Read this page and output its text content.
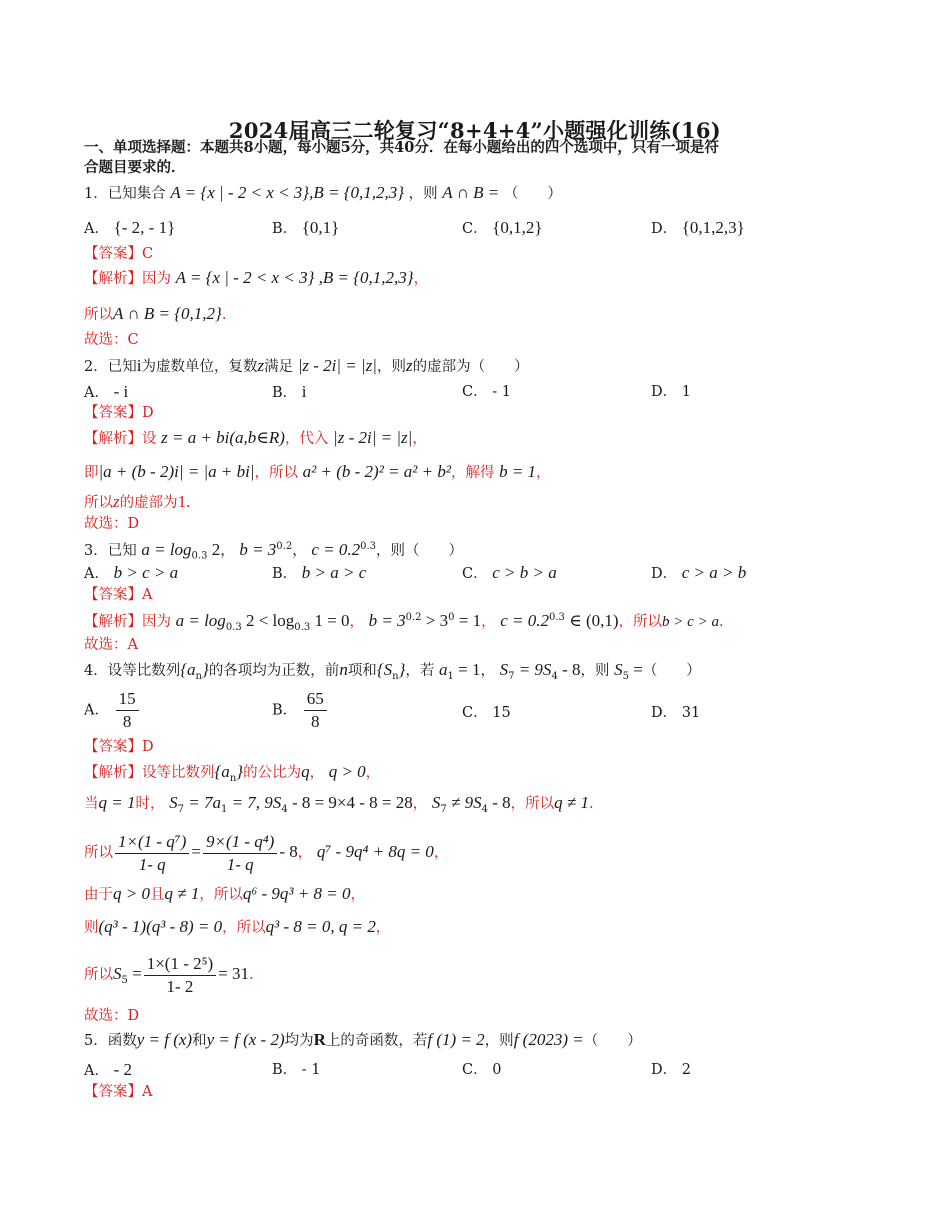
2024届高三二轮复习“8+4+4”小题强化训练(16)
一、单项选择题：本题共8小题，每小题5分，共40分．在每小题给出的四个选项中，只有一项是符
合题目要求的．
1．已知集合 A = {x | - 2 < x < 3},B = {0,1,2,3} ，则 A ∩ B = （　　）
A． {- 2, - 1}	B． {0,1}	C． {0,1,2}	D． {0,1,2,3}
【答案】C
【解析】因为 A = {x | - 2 < x < 3} ,B = {0,1,2,3}，
所以A ∩ B = {0,1,2}.
故选：C
2．已知i为虚数单位，复数z满足 |z - 2i| = |z|，则z的虚部为（　　）
A． - i	B． i	C． - 1	D． 1
【答案】D
【解析】设 z = a + bi(a,b∈R)，代入 |z - 2i| = |z|，
即|a + (b - 2)i| = |a + bi|，所以 a² + (b - 2)² = a² + b²，解得 b = 1，
所以z的虚部为1.
故选：D
3．已知 $a = \log_{0.3} 2$， $b = 3^{0.2}$， $c = 0.2^{0.3}$，则（　　）
A． b > c > a	B． b > a > c	C． c > b > a	D． c > a > b
【答案】A
【解析】因为 $a = \log_{0.3} 2 < \log_{0.3} 1 = 0$， $b = 3^{0.2} > 3^0 = 1$， $c = 0.2^{0.3}$ ∈ (0,1)，所以b > c > a.
故选：A
4．设等比数列$\{a_n\}$的各项均为正数，前n项和$\{S_n\}$，若 $a_1 = 1$， $S_7 = 9S_4 - 8$，则 $S_5$ =（　　）
A． $\frac{15}{8}$	B． $\frac{65}{8}$	C． 15	D． 31
【答案】D
【解析】设等比数列$\{a_n\}$的公比为q， q > 0，
当q = 1时， $S_7 = 7a_1 = 7$, $9S_4 - 8 = 9\times 4 - 8 = 28$， $S_7 \ne 9S_4 - 8$，所以q ≠ 1.
所以 $\frac{\text{1×(1 - q⁷)}}{1- q} = \frac{\text{9×(1 - q⁴)}}{1- q} - 8$， q⁷ - 9q⁴ + 8q = 0，
由于q > 0且q ≠ 1，所以q⁶ - 9q³ + 8 = 0，
则(q³ - 1)(q³ - 8) = 0，所以q³ - 8 = 0, q = 2，
所以$S_5 = \frac{\text{1×(1 - 2⁵)}}{1- 2} = 31$.
故选：D
5．函数y = f (x)和y = f (x - 2)均为R上的奇函数，若f (1) = 2，则f (2023) =（　　）
A． - 2	B． - 1	C． 0	D． 2
【答案】A
